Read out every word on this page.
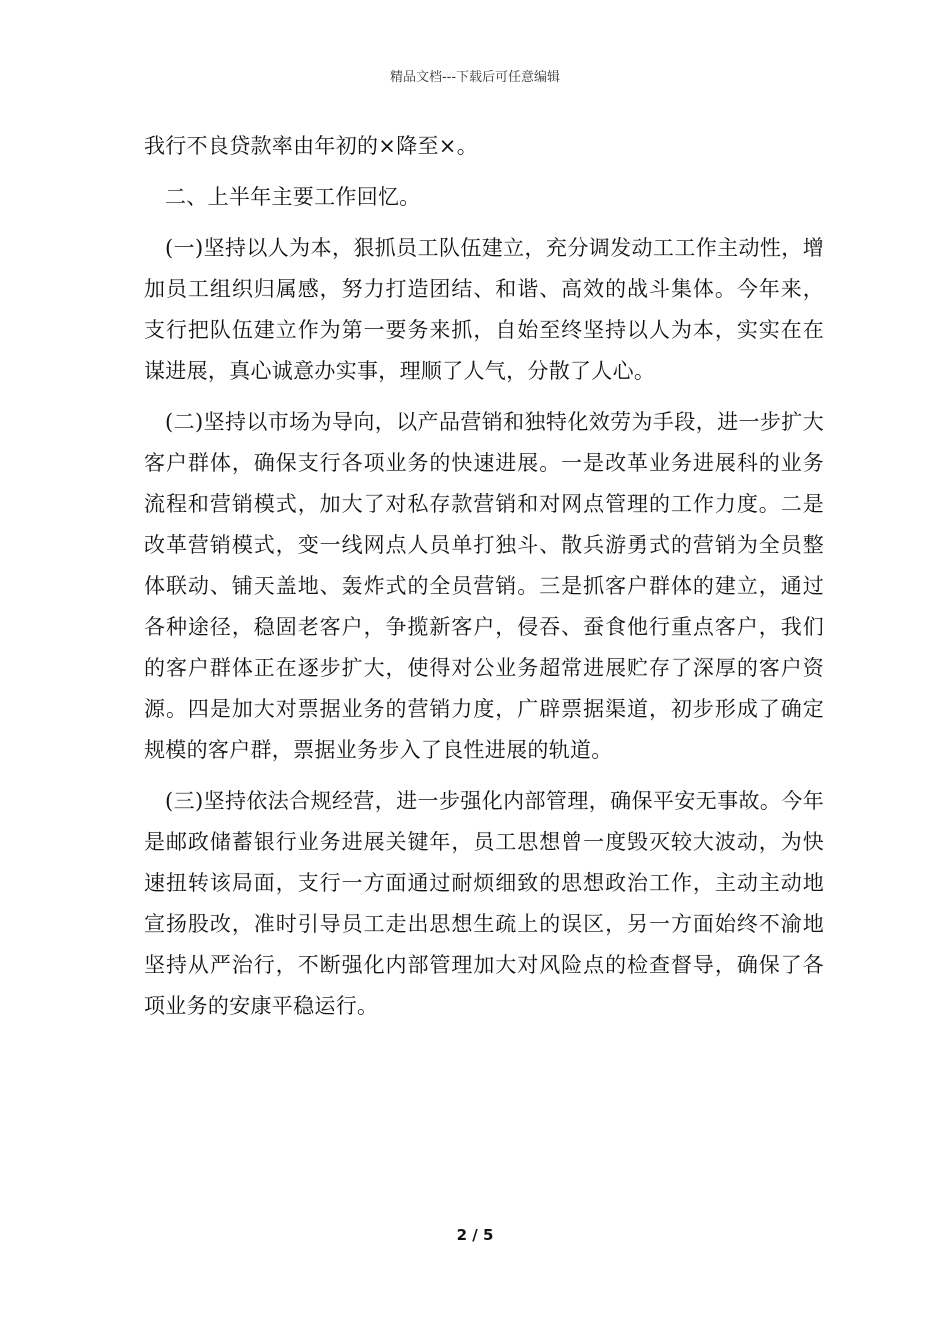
精品文档---下载后可任意编辑

我行不良贷款率由年初的×降至×。

二、上半年主要工作回忆。

(一)坚持以人为本，狠抓员工队伍建立，充分调发动工工作主动性，增加员工组织归属感，努力打造团结、和谐、高效的战斗集体。今年来，支行把队伍建立作为第一要务来抓，自始至终坚持以人为本，实实在在谋进展，真心诚意办实事，理顺了人气，分散了人心。

(二)坚持以市场为导向，以产品营销和独特化效劳为手段，进一步扩大客户群体，确保支行各项业务的快速进展。一是改革业务进展科的业务流程和营销模式，加大了对私存款营销和对网点管理的工作力度。二是改革营销模式，变一线网点人员单打独斗、散兵游勇式的营销为全员整体联动、铺天盖地、轰炸式的全员营销。三是抓客户群体的建立，通过各种途径，稳固老客户，争揽新客户，侵吞、蚕食他行重点客户，我们的客户群体正在逐步扩大，使得对公业务超常进展贮存了深厚的客户资源。四是加大对票据业务的营销力度，广辟票据渠道，初步形成了确定规模的客户群，票据业务步入了良性进展的轨道。

(三)坚持依法合规经营，进一步强化内部管理，确保平安无事故。今年是邮政储蓄银行业务进展关键年，员工思想曾一度毁灭较大波动，为快速扭转该局面，支行一方面通过耐烦细致的思想政治工作，主动主动地宣扬股改，准时引导员工走出思想生疏上的误区，另一方面始终不渝地坚持从严治行，不断强化内部管理加大对风险点的检查督导，确保了各项业务的安康平稳运行。

2 / 5
